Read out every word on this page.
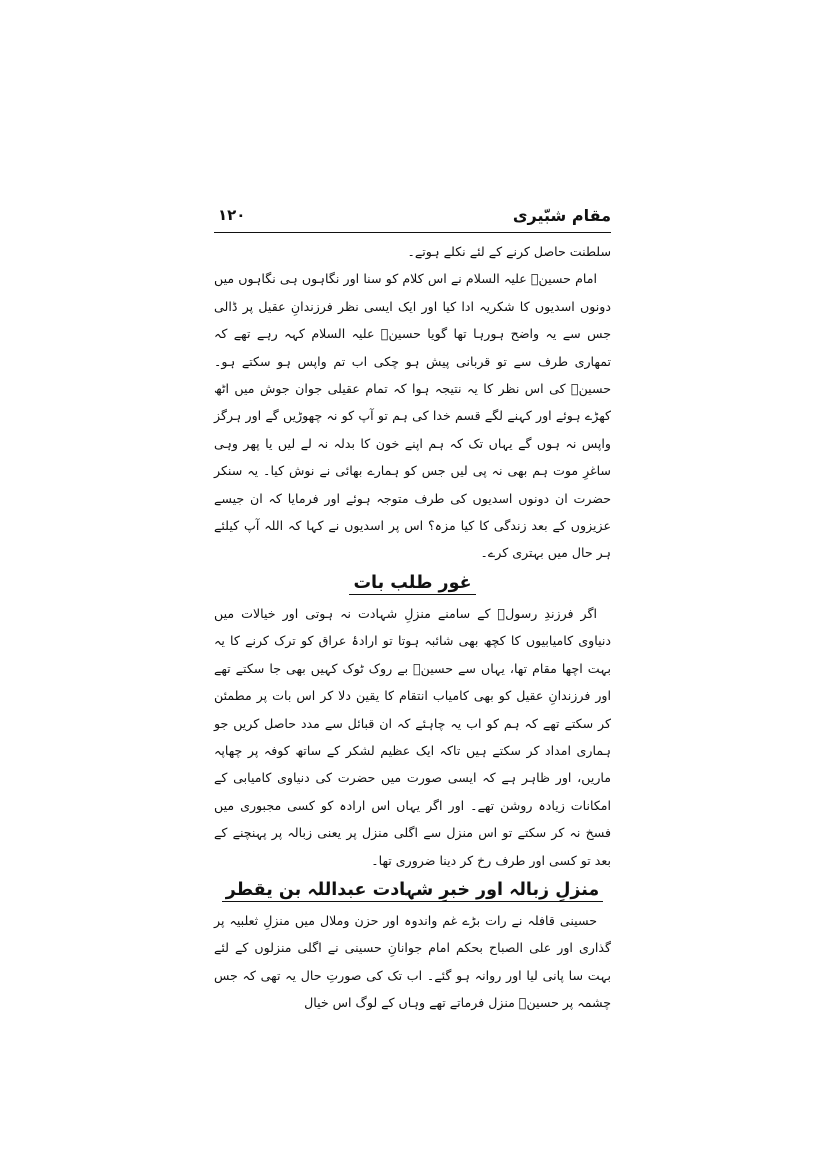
مقام شبّیری
۱۲۰

سلطنت حاصل کرنے کے لئے نکلے ہوتے۔

امام حسینؑ علیہ السلام نے اس کلام کو سنا اور نگاہوں ہی نگاہوں میں دونوں اسدیوں کا شکریہ ادا کیا اور ایک ایسی نظر فرزندانِ عقیل پر ڈالی جس سے یہ واضح ہورہا تھا گویا حسینؑ علیہ السلام کہہ رہے تھے کہ تمھاری طرف سے تو قربانی پیش ہو چکی اب تم واپس ہو سکتے ہو۔ حسینؑ کی اس نظر کا یہ نتیجہ ہوا کہ تمام عقیلی جوان جوش میں اٹھ کھڑے ہوئے اور کہنے لگے قسم خدا کی ہم تو آپ کو نہ چھوڑیں گے اور ہرگز واپس نہ ہوں گے یہاں تک کہ ہم اپنے خون کا بدلہ نہ لے لیں یا پھر وہی ساغرِ موت ہم بھی نہ پی لیں جس کو ہمارے بھائی نے نوش کیا۔ یہ سنکر حضرت ان دونوں اسدیوں کی طرف متوجہ ہوئے اور فرمایا کہ ان جیسے عزیزوں کے بعد زندگی کا کیا مزہ؟ اس پر اسدیوں نے کہا کہ اللہ آپ کیلئے ہر حال میں بہتری کرے۔

غور طلب بات

اگر فرزندِ رسولؐ کے سامنے منزلِ شہادت نہ ہوتی اور خیالات میں دنیاوی کامیابیوں کا کچھ بھی شائبہ ہوتا تو ارادۂ عراق کو ترک کرنے کا یہ بہت اچھا مقام تھا، یہاں سے حسینؑ بے روک ٹوک کہیں بھی جا سکتے تھے اور فرزندانِ عقیل کو بھی کامیاب انتقام کا یقین دلا کر اس بات پر مطمئن کر سکتے تھے کہ ہم کو اب یہ چاہئے کہ ان قبائل سے مدد حاصل کریں جو ہماری امداد کر سکتے ہیں تاکہ ایک عظیم لشکر کے ساتھ کوفہ پر چھاپہ ماریں، اور ظاہر ہے کہ ایسی صورت میں حضرت کی دنیاوی کامیابی کے امکانات زیادہ روشن تھے۔ اور اگر یہاں اس ارادہ کو کسی مجبوری میں فسخ نہ کر سکتے تو اس منزل سے اگلی منزل پر یعنی زبالہ پر پہنچنے کے بعد تو کسی اور طرف رخ کر دینا ضروری تھا۔

منزلِ زبالہ اور خبرِ شہادت عبداللہ بن یقطر

حسینی قافلہ نے رات بڑے غم واندوہ اور حزن وملال میں منزلِ ثعلبیہ پر گذاری اور علی الصباح بحکم امام جوانانِ حسینی نے اگلی منزلوں کے لئے بہت سا پانی لیا اور روانہ ہو گئے۔ اب تک کی صورتِ حال یہ تھی کہ جس چشمہ پر حسینؑ منزل فرماتے تھے وہاں کے لوگ اس خیال
